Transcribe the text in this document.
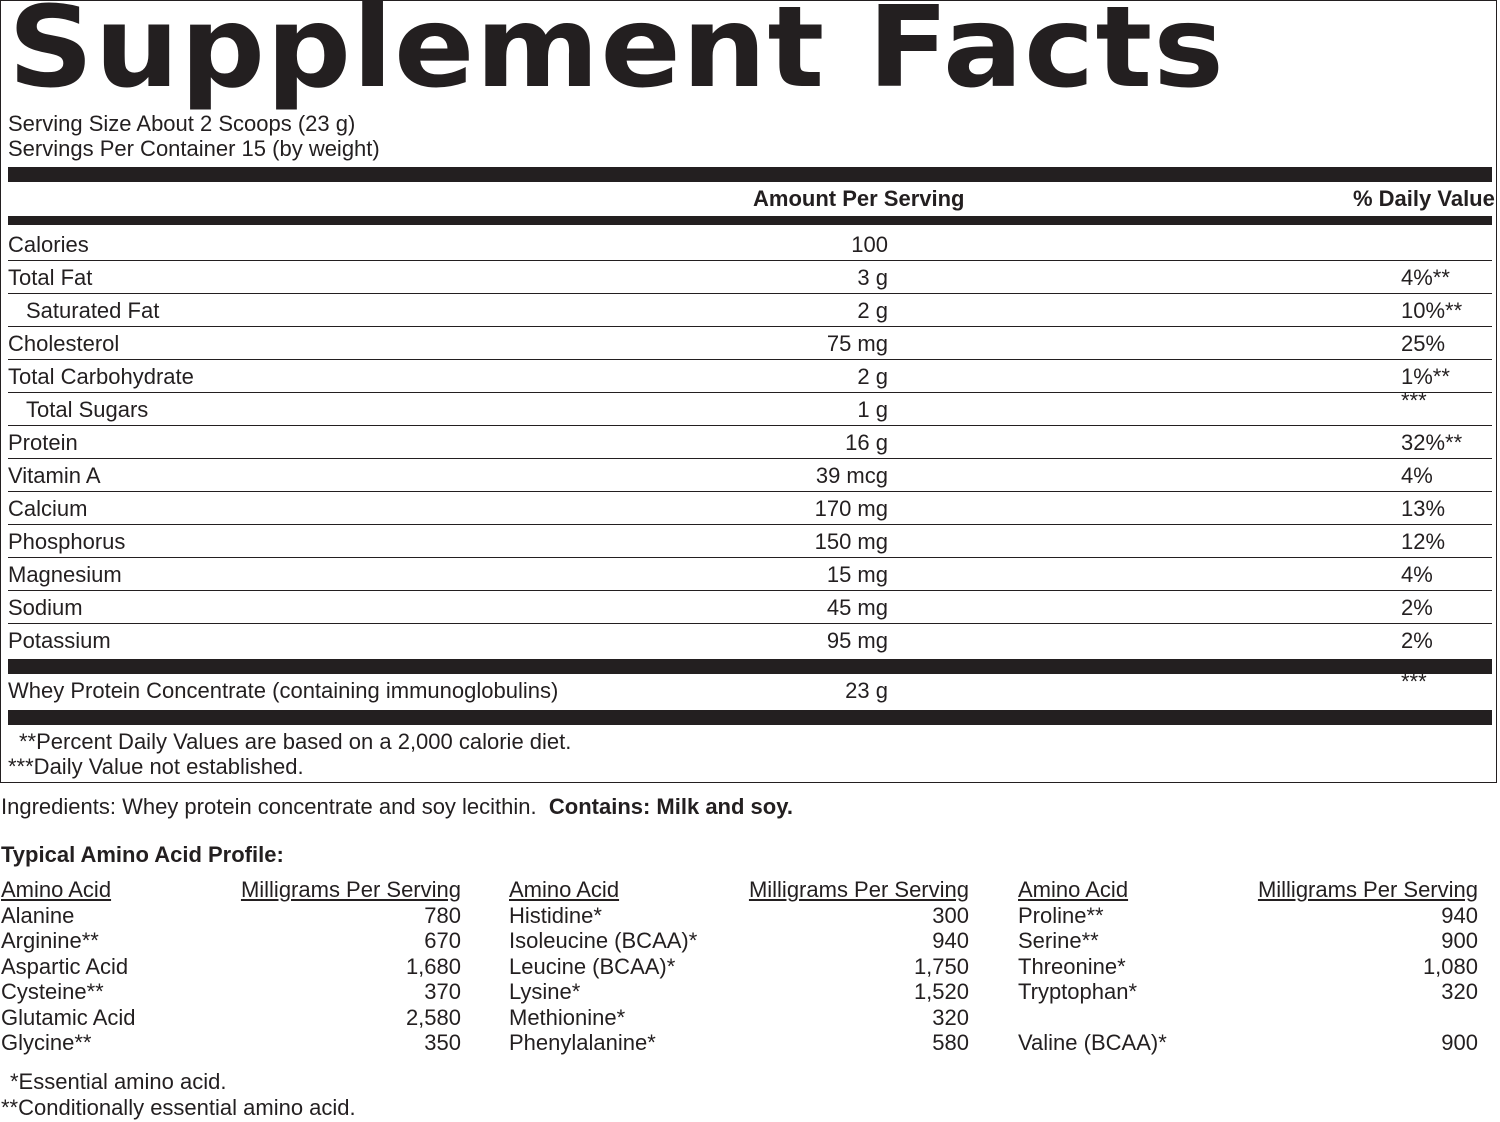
Supplement Facts
Serving Size About 2 Scoops (23 g)
Servings Per Container 15 (by weight)
Amount Per Serving	% Daily Value
Calories	100
Total Fat	3 g	4%**
Saturated Fat	2 g	10%**
Cholesterol	75 mg	25%
Total Carbohydrate	2 g	1%**
Total Sugars	1 g	***
Protein	16 g	32%**
Vitamin A	39 mcg	4%
Calcium	170 mg	13%
Phosphorus	150 mg	12%
Magnesium	15 mg	4%
Sodium	45 mg	2%
Potassium	95 mg	2%
Whey Protein Concentrate (containing immunoglobulins)	23 g	***
**Percent Daily Values are based on a 2,000 calorie diet.
***Daily Value not established.
Ingredients: Whey protein concentrate and soy lecithin. Contains: Milk and soy.
Typical Amino Acid Profile:
Amino Acid	Milligrams Per Serving
Alanine	780
Arginine**	670
Aspartic Acid	1,680
Cysteine**	370
Glutamic Acid	2,580
Glycine**	350
Amino Acid	Milligrams Per Serving
Histidine*	300
Isoleucine (BCAA)*	940
Leucine (BCAA)*	1,750
Lysine*	1,520
Methionine*	320
Phenylalanine*	580
Amino Acid	Milligrams Per Serving
Proline**	940
Serine**	900
Threonine*	1,080
Tryptophan*	320
Valine (BCAA)*	900
*Essential amino acid.
**Conditionally essential amino acid.
